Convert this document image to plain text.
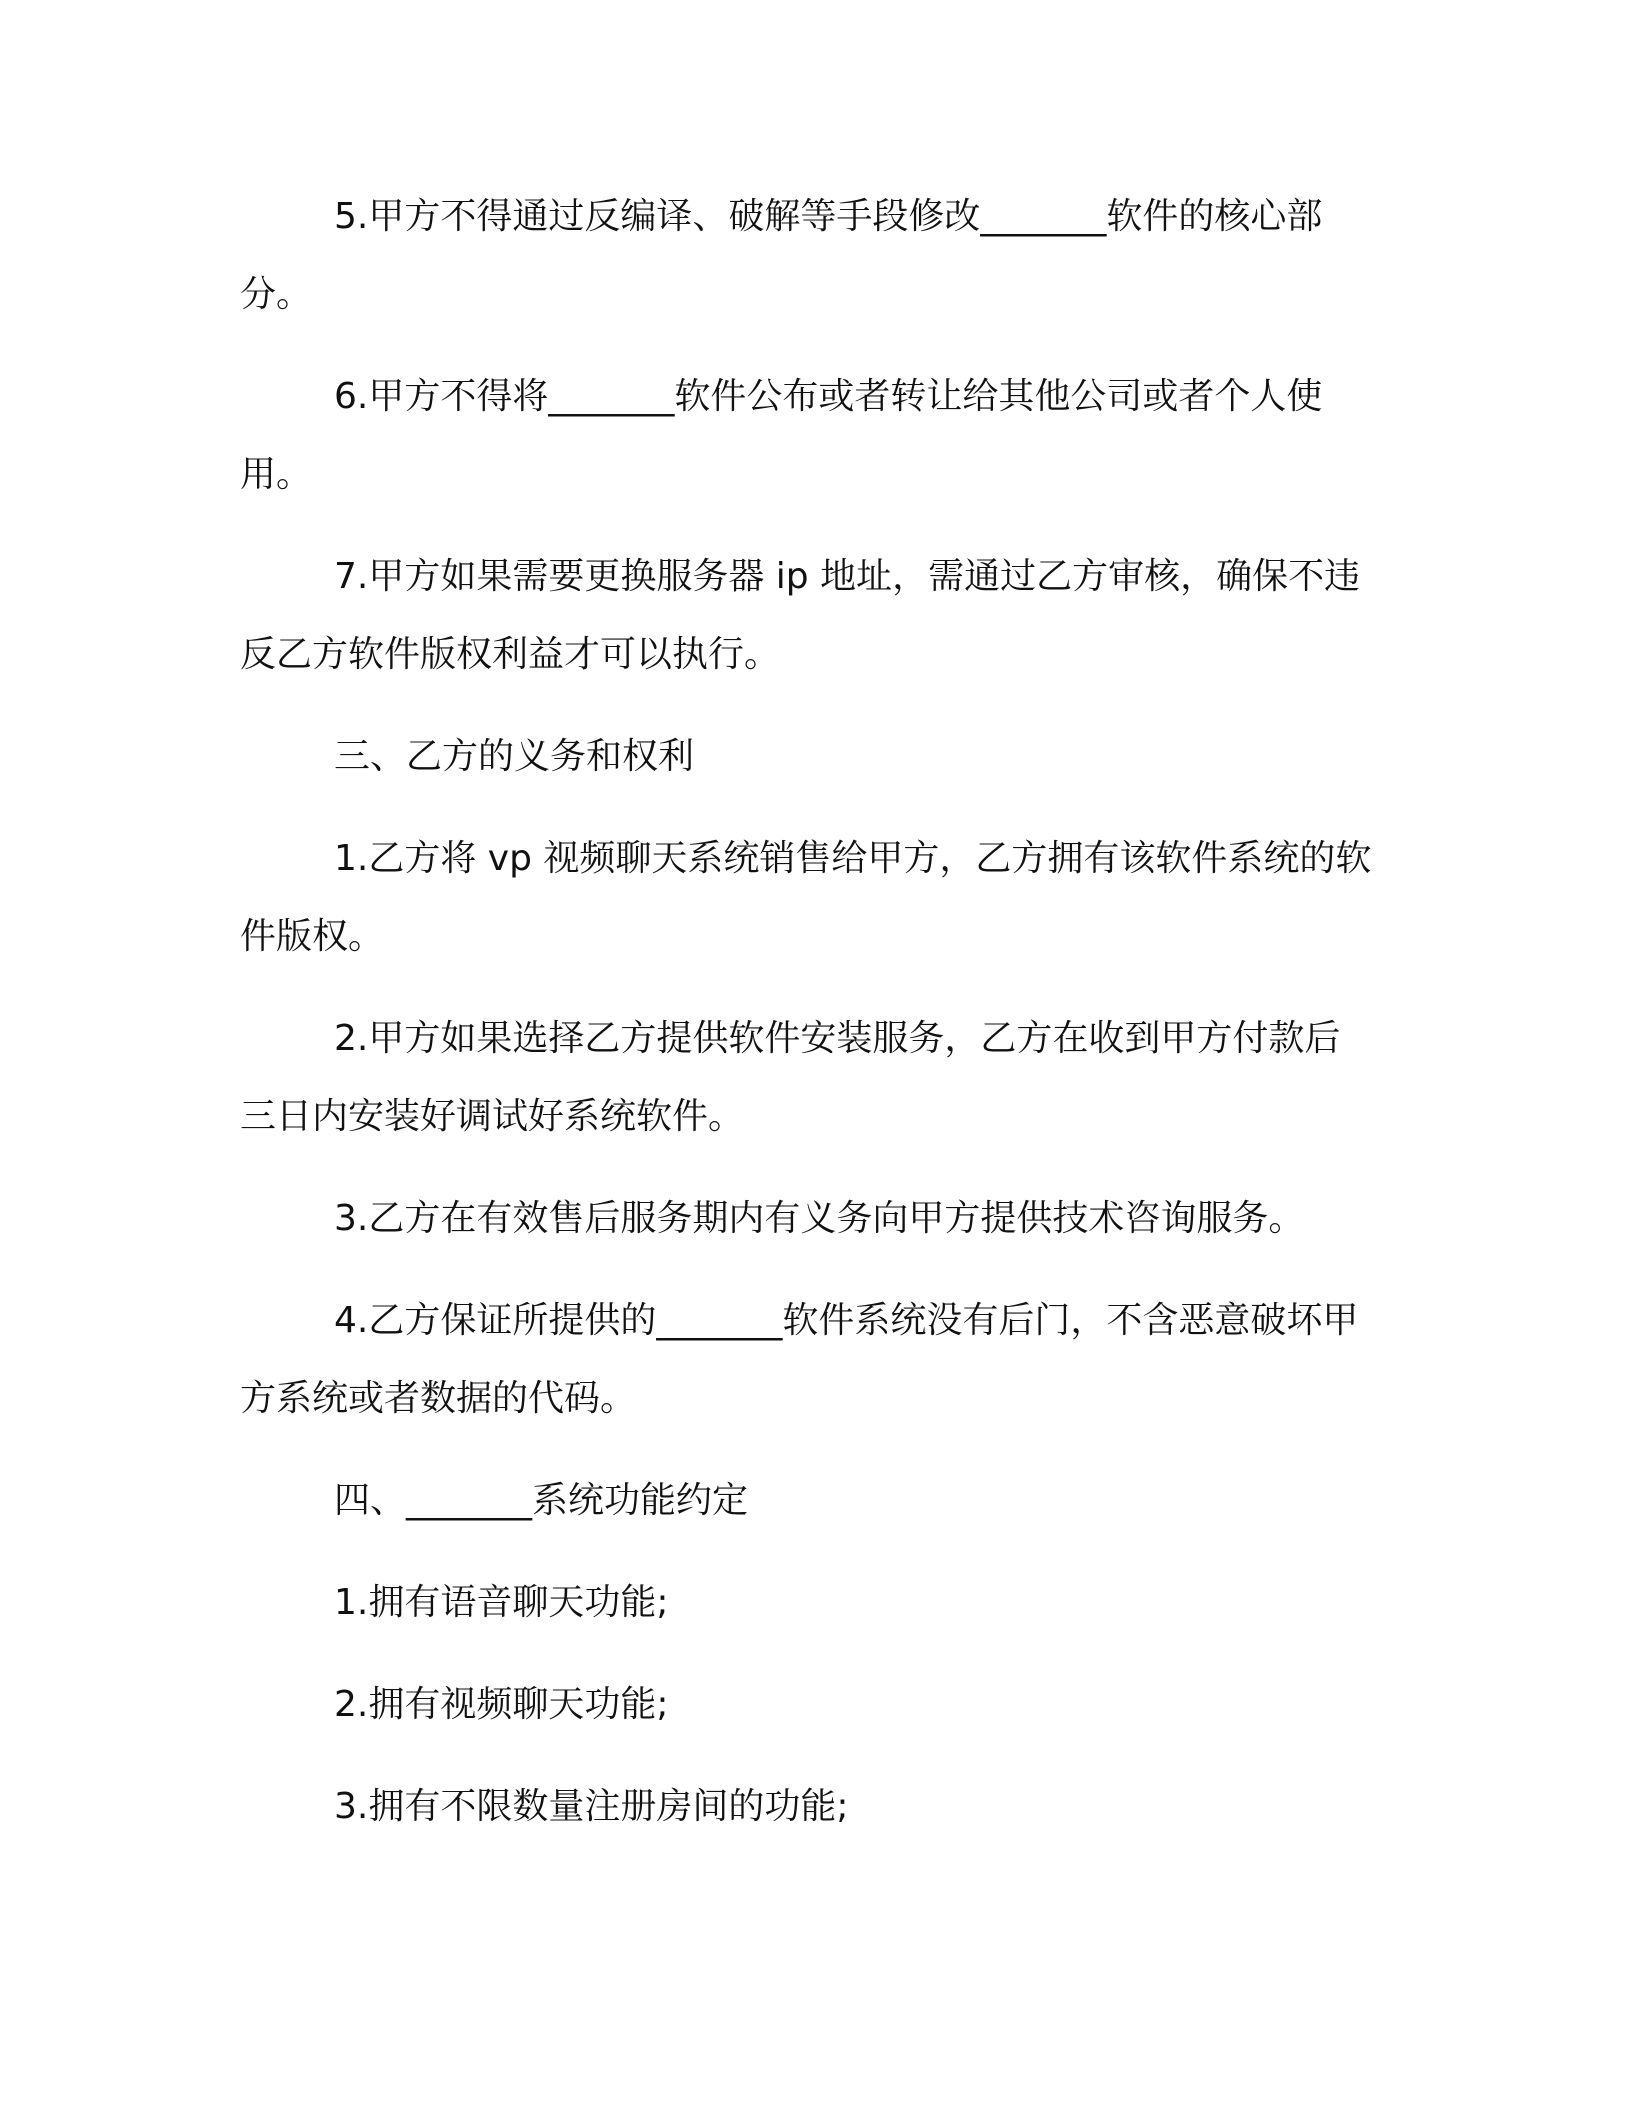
5.甲方不得通过反编译、破解等手段修改_______软件的核心部分。

6.甲方不得将_______软件公布或者转让给其他公司或者个人使用。

7.甲方如果需要更换服务器 ip 地址，需通过乙方审核，确保不违反乙方软件版权利益才可以执行。

三、乙方的义务和权利

1.乙方将 vp 视频聊天系统销售给甲方，乙方拥有该软件系统的软件版权。

2.甲方如果选择乙方提供软件安装服务，乙方在收到甲方付款后三日内安装好调试好系统软件。

3.乙方在有效售后服务期内有义务向甲方提供技术咨询服务。

4.乙方保证所提供的_______软件系统没有后门，不含恶意破坏甲方系统或者数据的代码。

四、_______系统功能约定

1.拥有语音聊天功能;

2.拥有视频聊天功能;

3.拥有不限数量注册房间的功能;
